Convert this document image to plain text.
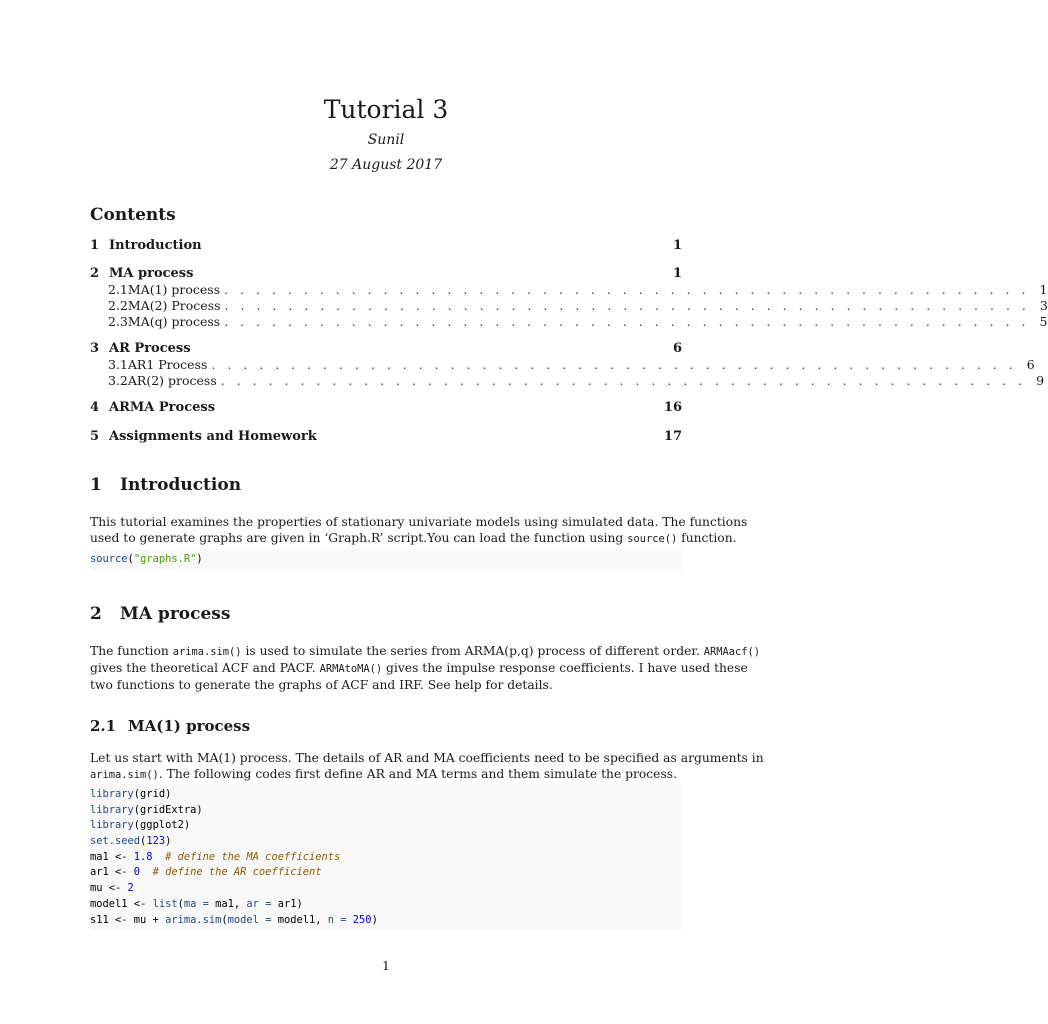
Tutorial 3
Sunil
27 August 2017
Contents
1 Introduction	1
2 MA process	1
2.1 MA(1) process . . . . . . . . . . . . . . . . . . . . . . . . . . . . . . . . . . . . . . . . . . . . . . . . . . . 1
2.2 MA(2) Process . . . . . . . . . . . . . . . . . . . . . . . . . . . . . . . . . . . . . . . . . . . . . . . . . . . 3
2.3 MA(q) process . . . . . . . . . . . . . . . . . . . . . . . . . . . . . . . . . . . . . . . . . . . . . . . . . . . 5
3 AR Process	6
3.1 AR1 Process . . . . . . . . . . . . . . . . . . . . . . . . . . . . . . . . . . . . . . . . . . . . . . . . . . . 6
3.2 AR(2) process . . . . . . . . . . . . . . . . . . . . . . . . . . . . . . . . . . . . . . . . . . . . . . . . . . . 9
4 ARMA Process	16
5 Assignments and Homework	17
1 Introduction
This tutorial examines the properties of stationary univariate models using simulated data. The functions
used to generate graphs are given in ‘Graph.R’ script.You can load the function using source() function.
source("graphs.R")
2 MA process
The function arima.sim() is used to simulate the series from ARMA(p,q) process of different order. ARMAacf()
gives the theoretical ACF and PACF. ARMAtoMA() gives the impulse response coefficients. I have used these
two functions to generate the graphs of ACF and IRF. See help for details.
2.1 MA(1) process
Let us start with MA(1) process. The details of AR and MA coefficients need to be specified as arguments in
arima.sim(). The following codes first define AR and MA terms and them simulate the process.
library(grid)
library(gridExtra)
library(ggplot2)
set.seed(123)
ma1 <- 1.8 # define the MA coefficients
ar1 <- 0 # define the AR coefficient
mu <- 2
model1 <- list(ma = ma1, ar = ar1)
s11 <- mu + arima.sim(model = model1, n = 250)
1
